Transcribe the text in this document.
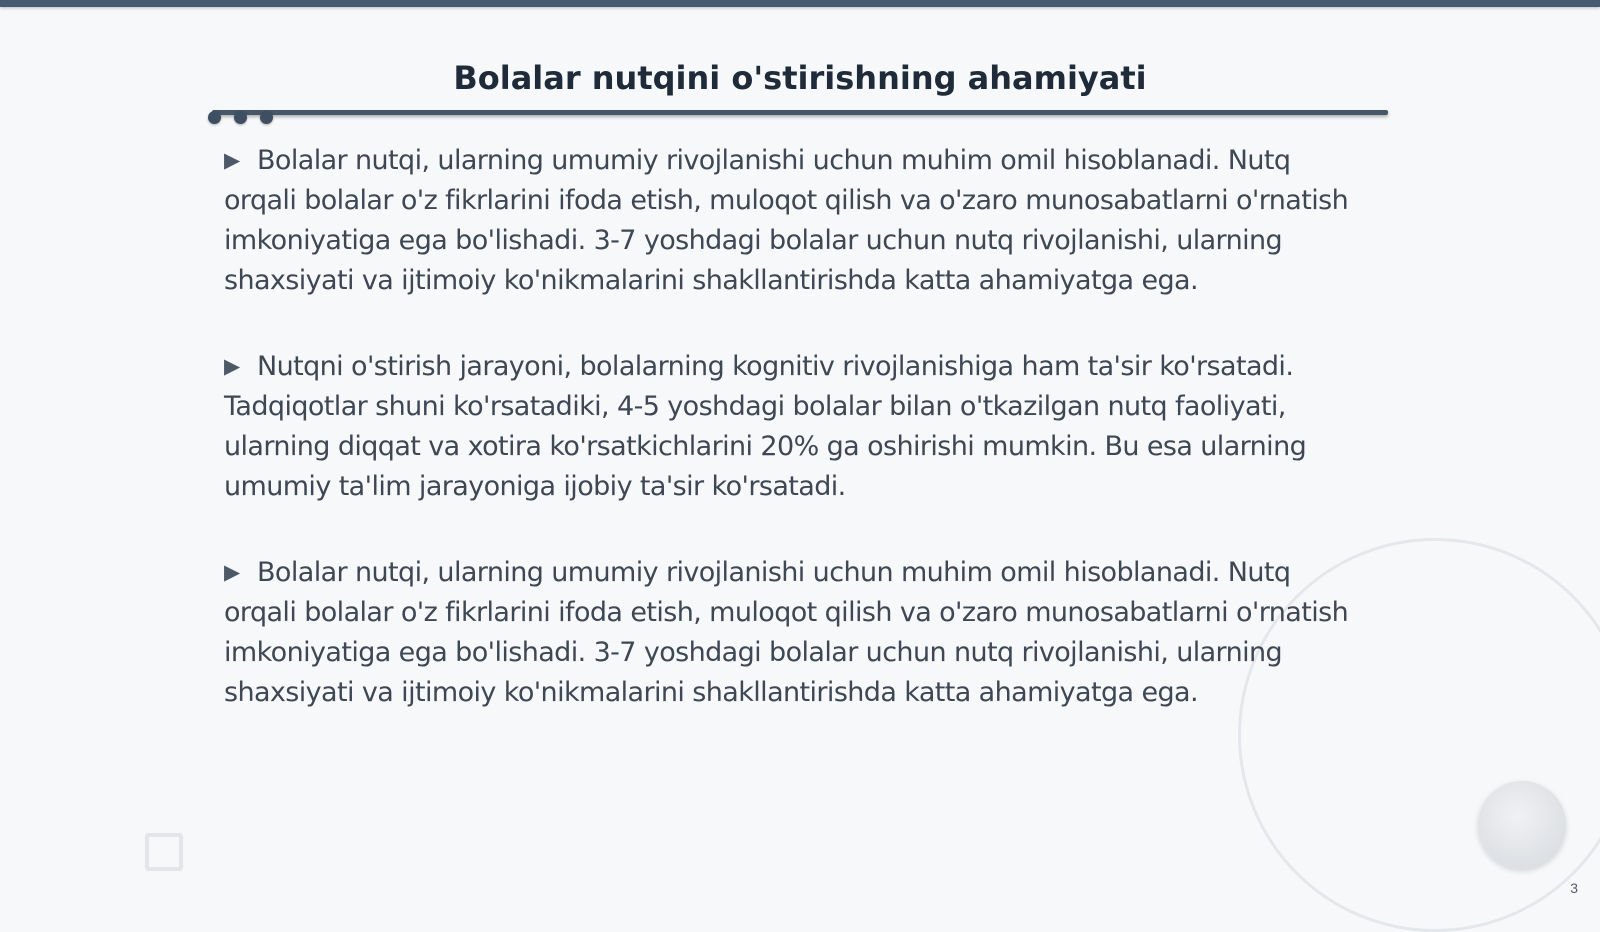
Bolalar nutqini o'stirishning ahamiyati

▶ Bolalar nutqi, ularning umumiy rivojlanishi uchun muhim omil hisoblanadi. Nutq orqali bolalar o'z fikrlarini ifoda etish, muloqot qilish va o'zaro munosabatlarni o'rnatish imkoniyatiga ega bo'lishadi. 3-7 yoshdagi bolalar uchun nutq rivojlanishi, ularning shaxsiyati va ijtimoiy ko'nikmalarini shakllantirishda katta ahamiyatga ega.

▶ Nutqni o'stirish jarayoni, bolalarning kognitiv rivojlanishiga ham ta'sir ko'rsatadi. Tadqiqotlar shuni ko'rsatadiki, 4-5 yoshdagi bolalar bilan o'tkazilgan nutq faoliyati, ularning diqqat va xotira ko'rsatkichlarini 20% ga oshirishi mumkin. Bu esa ularning umumiy ta'lim jarayoniga ijobiy ta'sir ko'rsatadi.

▶ Bolalar nutqi, ularning umumiy rivojlanishi uchun muhim omil hisoblanadi. Nutq orqali bolalar o'z fikrlarini ifoda etish, muloqot qilish va o'zaro munosabatlarni o'rnatish imkoniyatiga ega bo'lishadi. 3-7 yoshdagi bolalar uchun nutq rivojlanishi, ularning shaxsiyati va ijtimoiy ko'nikmalarini shakllantirishda katta ahamiyatga ega.

3
